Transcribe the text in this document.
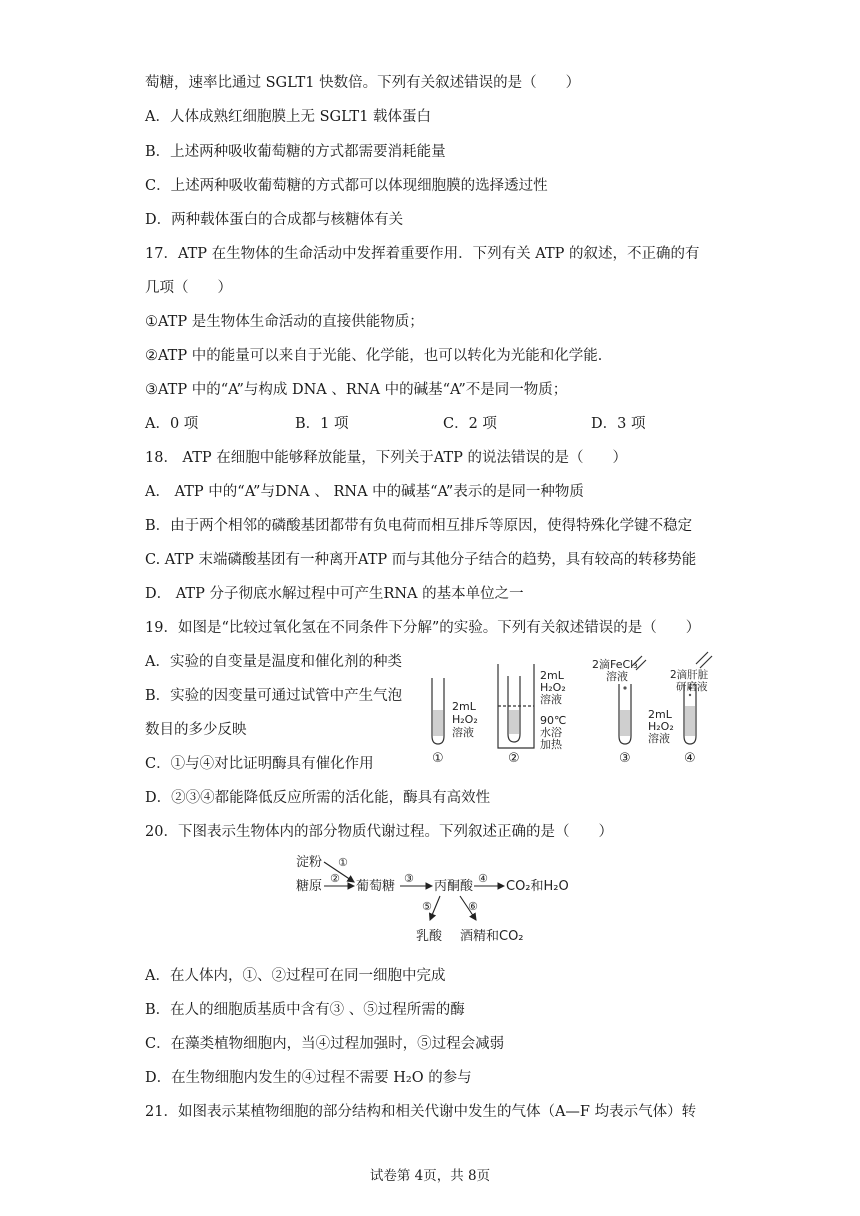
萄糖，速率比通过 SGLT1 快数倍。下列有关叙述错误的是（　　）
A．人体成熟红细胞膜上无 SGLT1 载体蛋白
B．上述两种吸收葡萄糖的方式都需要消耗能量
C．上述两种吸收葡萄糖的方式都可以体现细胞膜的选择透过性
D．两种载体蛋白的合成都与核糖体有关
17．ATP 在生物体的生命活动中发挥着重要作用．下列有关 ATP 的叙述，不正确的有
几项（　　）
①ATP 是生物体生命活动的直接供能物质；
②ATP 中的能量可以来自于光能、化学能，也可以转化为光能和化学能．
③ATP 中的“A”与构成 DNA 、RNA 中的碱基“A”不是同一物质；
A．0 项	B．1 项	C．2 项	D．3 项
18． ATP 在细胞中能够释放能量，下列关于ATP 的说法错误的是（　　）
A． ATP 中的“A”与DNA 、 RNA 中的碱基“A”表示的是同一种物质
B．由于两个相邻的磷酸基团都带有负电荷而相互排斥等原因，使得特殊化学键不稳定
C. ATP 末端磷酸基团有一种离开ATP 而与其他分子结合的趋势，具有较高的转移势能
D． ATP 分子彻底水解过程中可产生RNA 的基本单位之一
19．如图是“比较过氧化氢在不同条件下分解”的实验。下列有关叙述错误的是（　　）
A．实验的自变量是温度和催化剂的种类
B．实验的因变量可通过试管中产生气泡
数目的多少反映
C．①与④对比证明酶具有催化作用
D．②③④都能降低反应所需的活化能，酶具有高效性
20．下图表示生物体内的部分物质代谢过程。下列叙述正确的是（　　）
A．在人体内，①、②过程可在同一细胞中完成
B．在人的细胞质基质中含有③ 、⑤过程所需的酶
C．在藻类植物细胞内，当④过程加强时，⑤过程会减弱
D．在生物细胞内发生的④过程不需要 H₂O 的参与
21．如图表示某植物细胞的部分结构和相关代谢中发生的气体（A—F 均表示气体）转
2mL
H₂O₂
溶液
2mL
H₂O₂
溶液
90℃
水浴
加热
2滴FeCl₃
溶液
2mL
H₂O₂
溶液
2滴肝脏
研磨液
①	②	③	④
淀粉
糖原	葡萄糖	丙酮酸	CO₂和H₂O
乳酸 酒精和CO₂
①
②	③	④
⑤	⑥
试卷第 4页，共 8页
